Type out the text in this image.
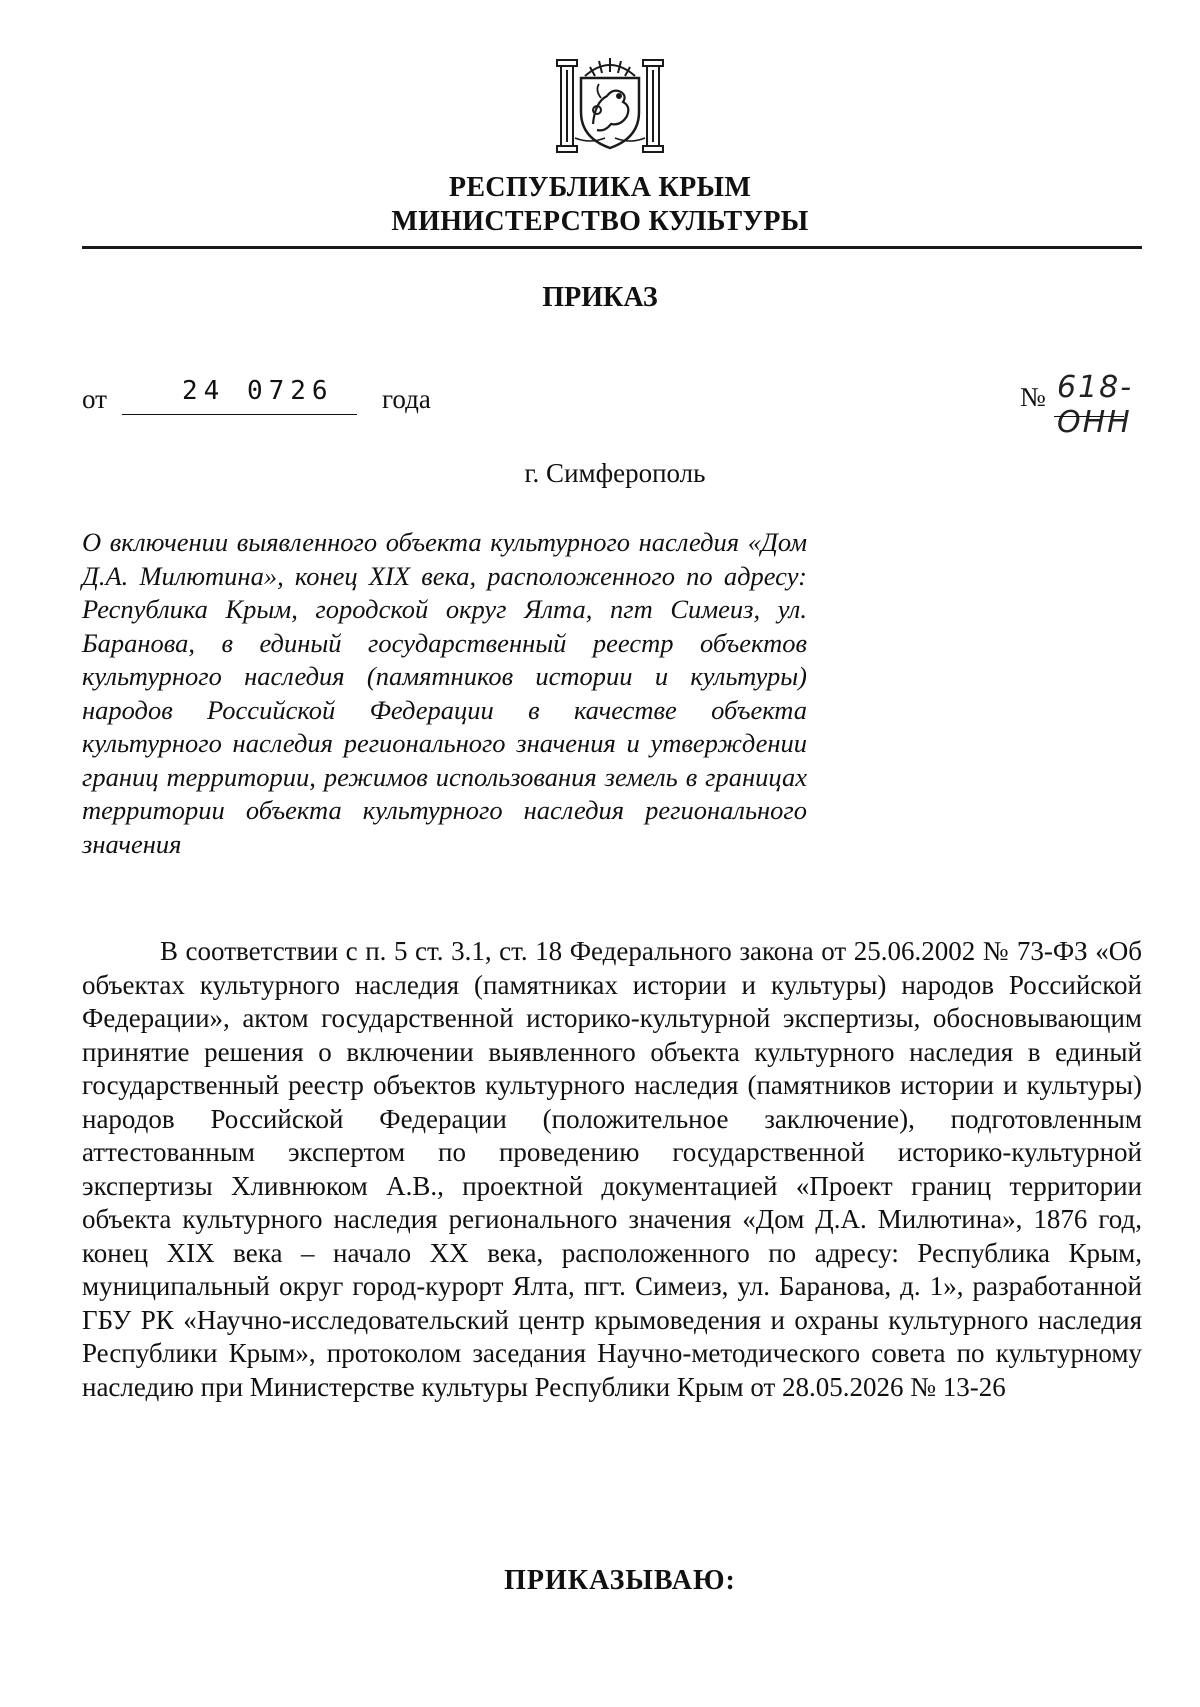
РЕСПУБЛИКА КРЫМ
МИНИСТЕРСТВО КУЛЬТУРЫ
ПРИКАЗ
от	24 0726 года	№ 618-ОНН
г. Симферополь
О включении выявленного объекта культурного наследия «Дом Д.А. Милютина», конец XIX века, расположенного по адресу: Республика Крым, городской округ Ялта, пгт Симеиз, ул. Баранова, в единый государственный реестр объектов культурного наследия (памятников истории и культуры) народов Российской Федерации в качестве объекта культурного наследия регионального значения и утверждении границ территории, режимов использования земель в границах территории объекта культурного наследия регионального значения
В соответствии с п. 5 ст. 3.1, ст. 18 Федерального закона от 25.06.2002 № 73-ФЗ «Об объектах культурного наследия (памятниках истории и культуры) народов Российской Федерации», актом государственной историко-культурной экспертизы, обосновывающим принятие решения о включении выявленного объекта культурного наследия в единый государственный реестр объектов культурного наследия (памятников истории и культуры) народов Российской Федерации (положительное заключение), подготовленным аттестованным экспертом по проведению государственной историко-культурной экспертизы Хливнюком А.В., проектной документацией «Проект границ территории объекта культурного наследия регионального значения «Дом Д.А. Милютина», 1876 год, конец XIX века – начало XX века, расположенного по адресу: Республика Крым, муниципальный округ город-курорт Ялта, пгт. Симеиз, ул. Баранова, д. 1», разработанной ГБУ РК «Научно-исследовательский центр крымоведения и охраны культурного наследия Республики Крым», протоколом заседания Научно-методического совета по культурному наследию при Министерстве культуры Республики Крым от 28.05.2026 № 13-26
ПРИКАЗЫВАЮ:
